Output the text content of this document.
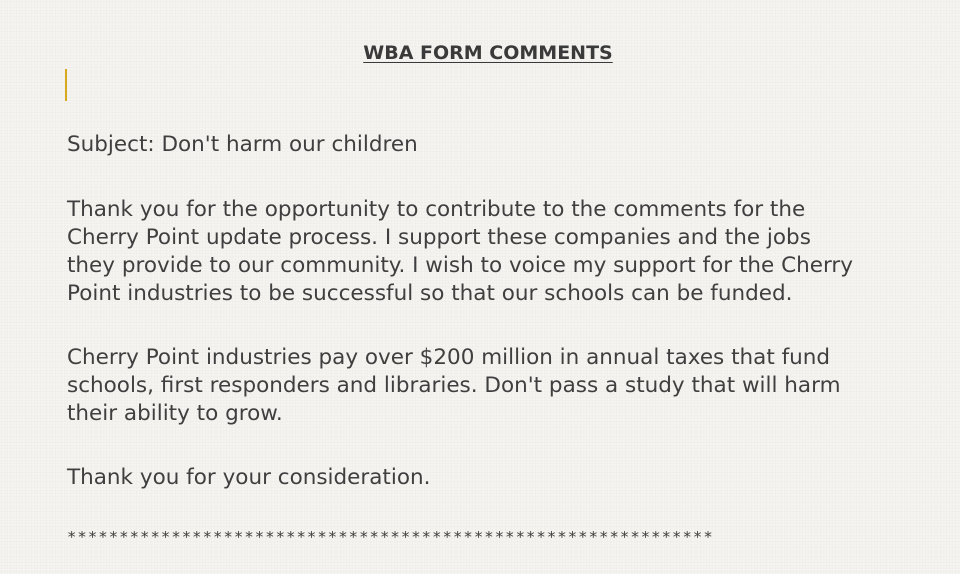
WBA FORM COMMENTS

Subject: Don't harm our children

Thank you for the opportunity to contribute to the comments for the
Cherry Point update process. I support these companies and the jobs
they provide to our community. I wish to voice my support for the Cherry
Point industries to be successful so that our schools can be funded.

Cherry Point industries pay over $200 million in annual taxes that fund
schools, first responders and libraries. Don't pass a study that will harm
their ability to grow.

Thank you for your consideration.

**************************************************************
